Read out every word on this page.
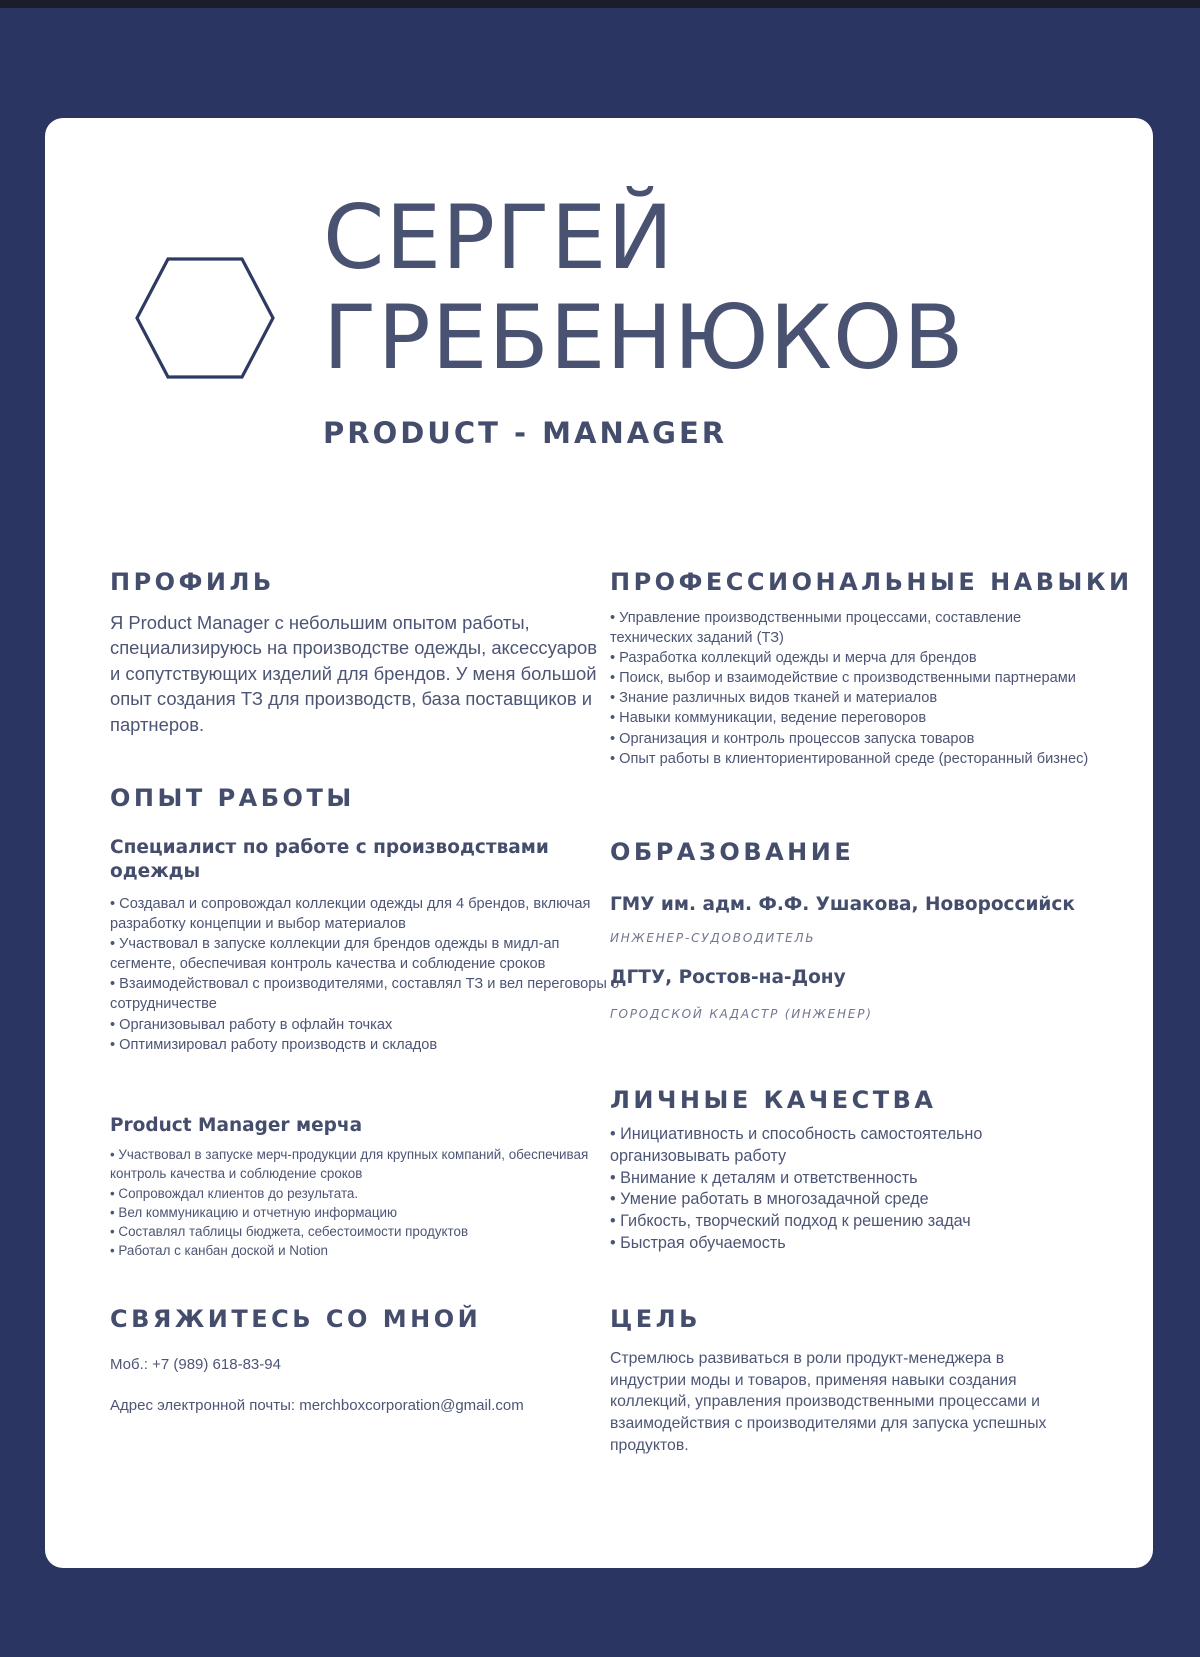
СЕРГЕЙ
ГРЕБЕНЮКОВ
PRODUCT - MANAGER
ПРОФИЛЬ
Я Product Manager с небольшим опытом работы, специализируюсь на производстве одежды, аксессуаров и сопутствующих изделий для брендов. У меня большой опыт создания ТЗ для производств, база поставщиков и партнеров.
ОПЫТ РАБОТЫ
Специалист по работе с производствами одежды
• Создавал и сопровождал коллекции одежды для 4 брендов, включая разработку концепции и выбор материалов
• Участвовал в запуске коллекции для брендов одежды в мидл-ап сегменте, обеспечивая контроль качества и соблюдение сроков
• Взаимодействовал с производителями, составлял ТЗ и вел переговоры о сотрудничестве
• Организовывал работу в офлайн точках
• Оптимизировал работу производств и складов
Product Manager мерча
• Участвовал в запуске мерч-продукции для крупных компаний, обеспечивая контроль качества и соблюдение сроков
• Сопровождал клиентов до результата.
• Вел коммуникацию и отчетную информацию
• Составлял таблицы бюджета, себестоимости продуктов
• Работал с канбан доской и Notion
СВЯЖИТЕСЬ СО МНОЙ
Моб.: +7 (989) 618-83-94
Адрес электронной почты: merchboxcorporation@gmail.com
ПРОФЕССИОНАЛЬНЫЕ НАВЫКИ
• Управление производственными процессами, составление технических заданий (ТЗ)
• Разработка коллекций одежды и мерча для брендов
• Поиск, выбор и взаимодействие с производственными партнерами
• Знание различных видов тканей и материалов
• Навыки коммуникации, ведение переговоров
• Организация и контроль процессов запуска товаров
• Опыт работы в клиенториентированной среде (ресторанный бизнес)
ОБРАЗОВАНИЕ
ГМУ им. адм. Ф.Ф. Ушакова, Новороссийск
ИНЖЕНЕР-СУДОВОДИТЕЛЬ
ДГТУ, Ростов-на-Дону
ГОРОДСКОЙ КАДАСТР (ИНЖЕНЕР)
ЛИЧНЫЕ КАЧЕСТВА
• Инициативность и способность самостоятельно организовывать работу
• Внимание к деталям и ответственность
• Умение работать в многозадачной среде
• Гибкость, творческий подход к решению задач
• Быстрая обучаемость
ЦЕЛЬ
Стремлюсь развиваться в роли продукт-менеджера в индустрии моды и товаров, применяя навыки создания коллекций, управления производственными процессами и взаимодействия с производителями для запуска успешных продуктов.
